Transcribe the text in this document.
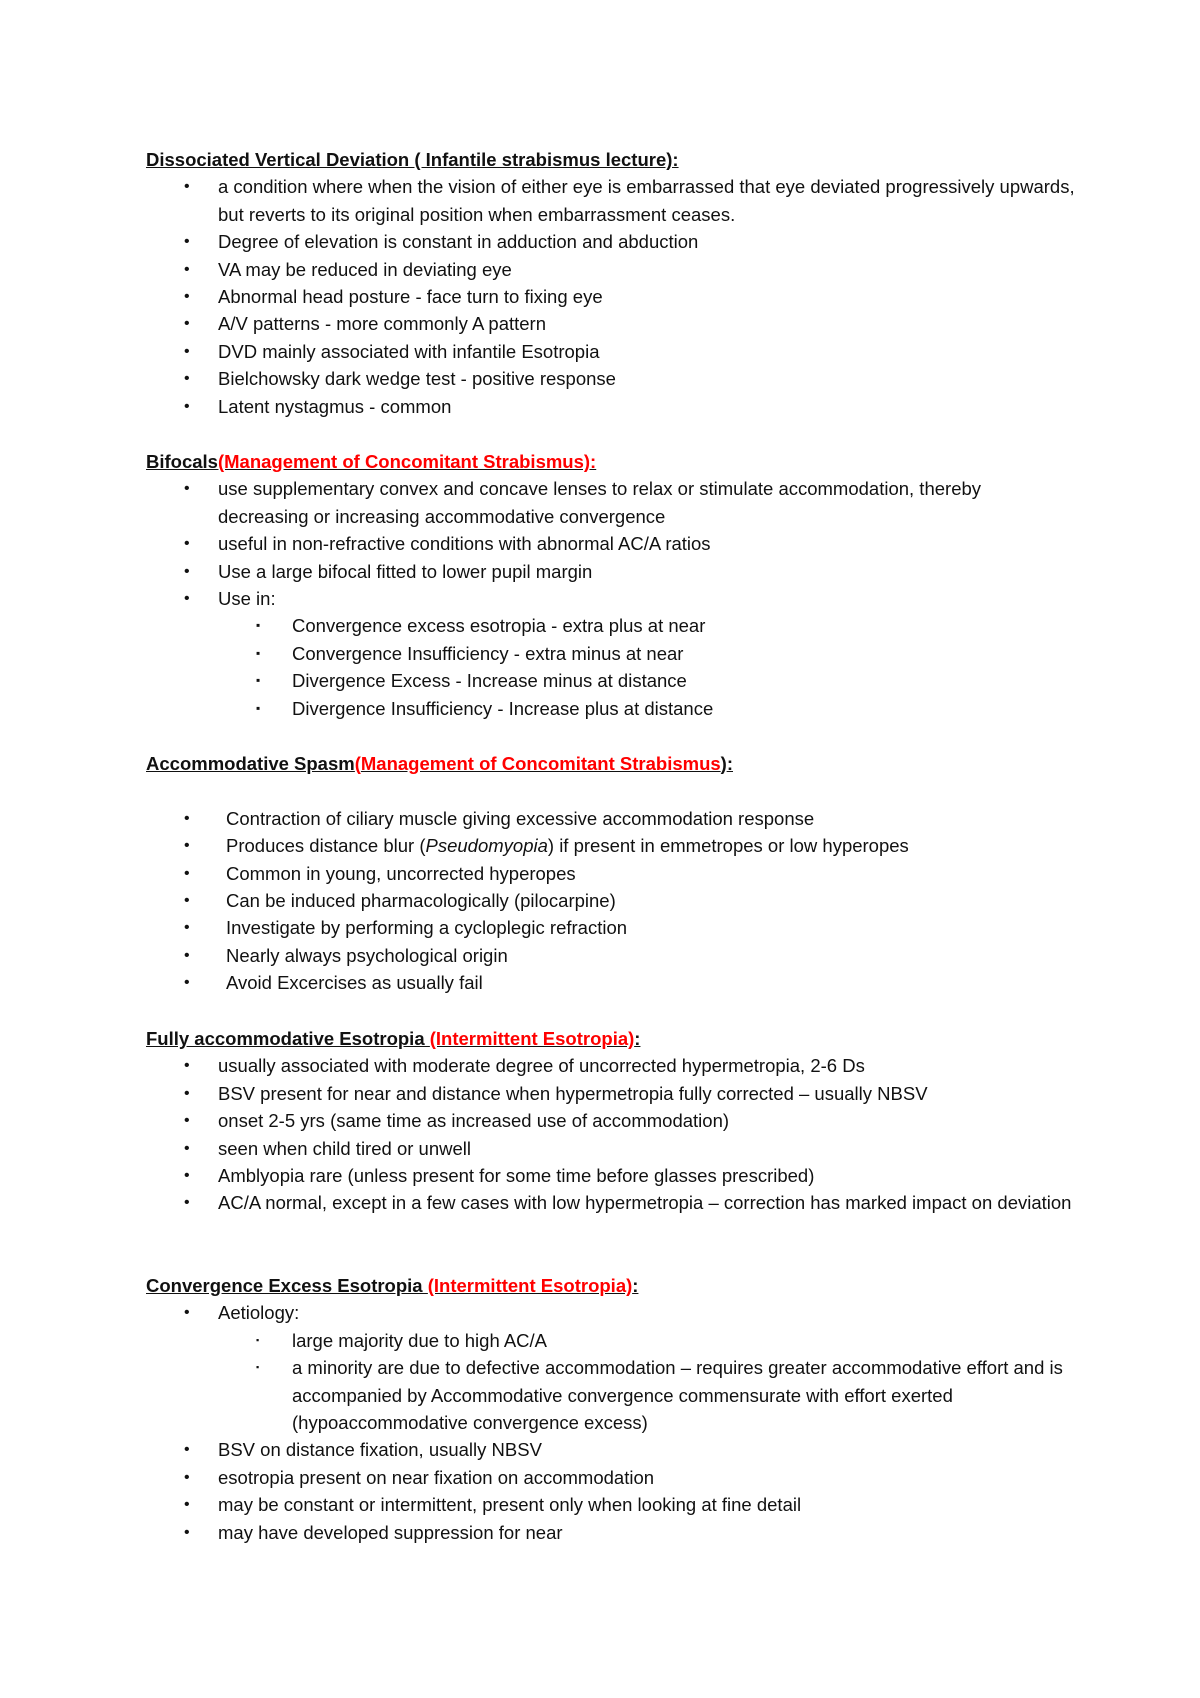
Dissociated Vertical Deviation ( Infantile strabismus lecture):
•	a condition where when the vision of either eye is embarrassed that eye deviated progressively upwards, but reverts to its original position when embarrassment ceases.
•	Degree of elevation is constant in adduction and abduction
•	VA may be reduced in deviating eye
•	Abnormal head posture - face turn to fixing eye
•	A/V patterns - more commonly A pattern
•	DVD mainly associated with infantile Esotropia
•	Bielchowsky dark wedge test - positive response
•	Latent nystagmus - common
Bifocals(Management of Concomitant Strabismus):
•	use supplementary convex and concave lenses to relax or stimulate accommodation, thereby decreasing or increasing accommodative convergence
•	useful in non-refractive conditions with abnormal AC/A ratios
•	Use a large bifocal fitted to lower pupil margin
•	Use in:
▪ Convergence excess esotropia - extra plus at near
▪ Convergence Insufficiency - extra minus at near
▪ Divergence Excess - Increase minus at distance
▪ Divergence Insufficiency - Increase plus at distance
Accommodative Spasm(Management of Concomitant Strabismus):
•	Contraction of ciliary muscle giving excessive accommodation response
•	Produces distance blur (Pseudomyopia) if present in emmetropes or low hyperopes
•	Common in young, uncorrected hyperopes
•	Can be induced pharmacologically (pilocarpine)
•	Investigate by performing a cycloplegic refraction
•	Nearly always psychological origin
•	Avoid Excercises as usually fail
Fully accommodative Esotropia (Intermittent Esotropia):
•	usually associated with moderate degree of uncorrected hypermetropia, 2-6 Ds
•	BSV present for near and distance when hypermetropia fully corrected – usually NBSV
•	onset 2-5 yrs (same time as increased use of accommodation)
•	seen when child tired or unwell
•	Amblyopia rare (unless present for some time before glasses prescribed)
•	AC/A normal, except in a few cases with low hypermetropia – correction has marked impact on deviation
Convergence Excess Esotropia (Intermittent Esotropia):
•	Aetiology:
▪ large majority due to high AC/A
▪ a minority are due to defective accommodation – requires greater accommodative effort and is accompanied by Accommodative convergence commensurate with effort exerted (hypoaccommodative convergence excess)
•	BSV on distance fixation, usually NBSV
•	esotropia present on near fixation on accommodation
•	may be constant or intermittent, present only when looking at fine detail
•	may have developed suppression for near
